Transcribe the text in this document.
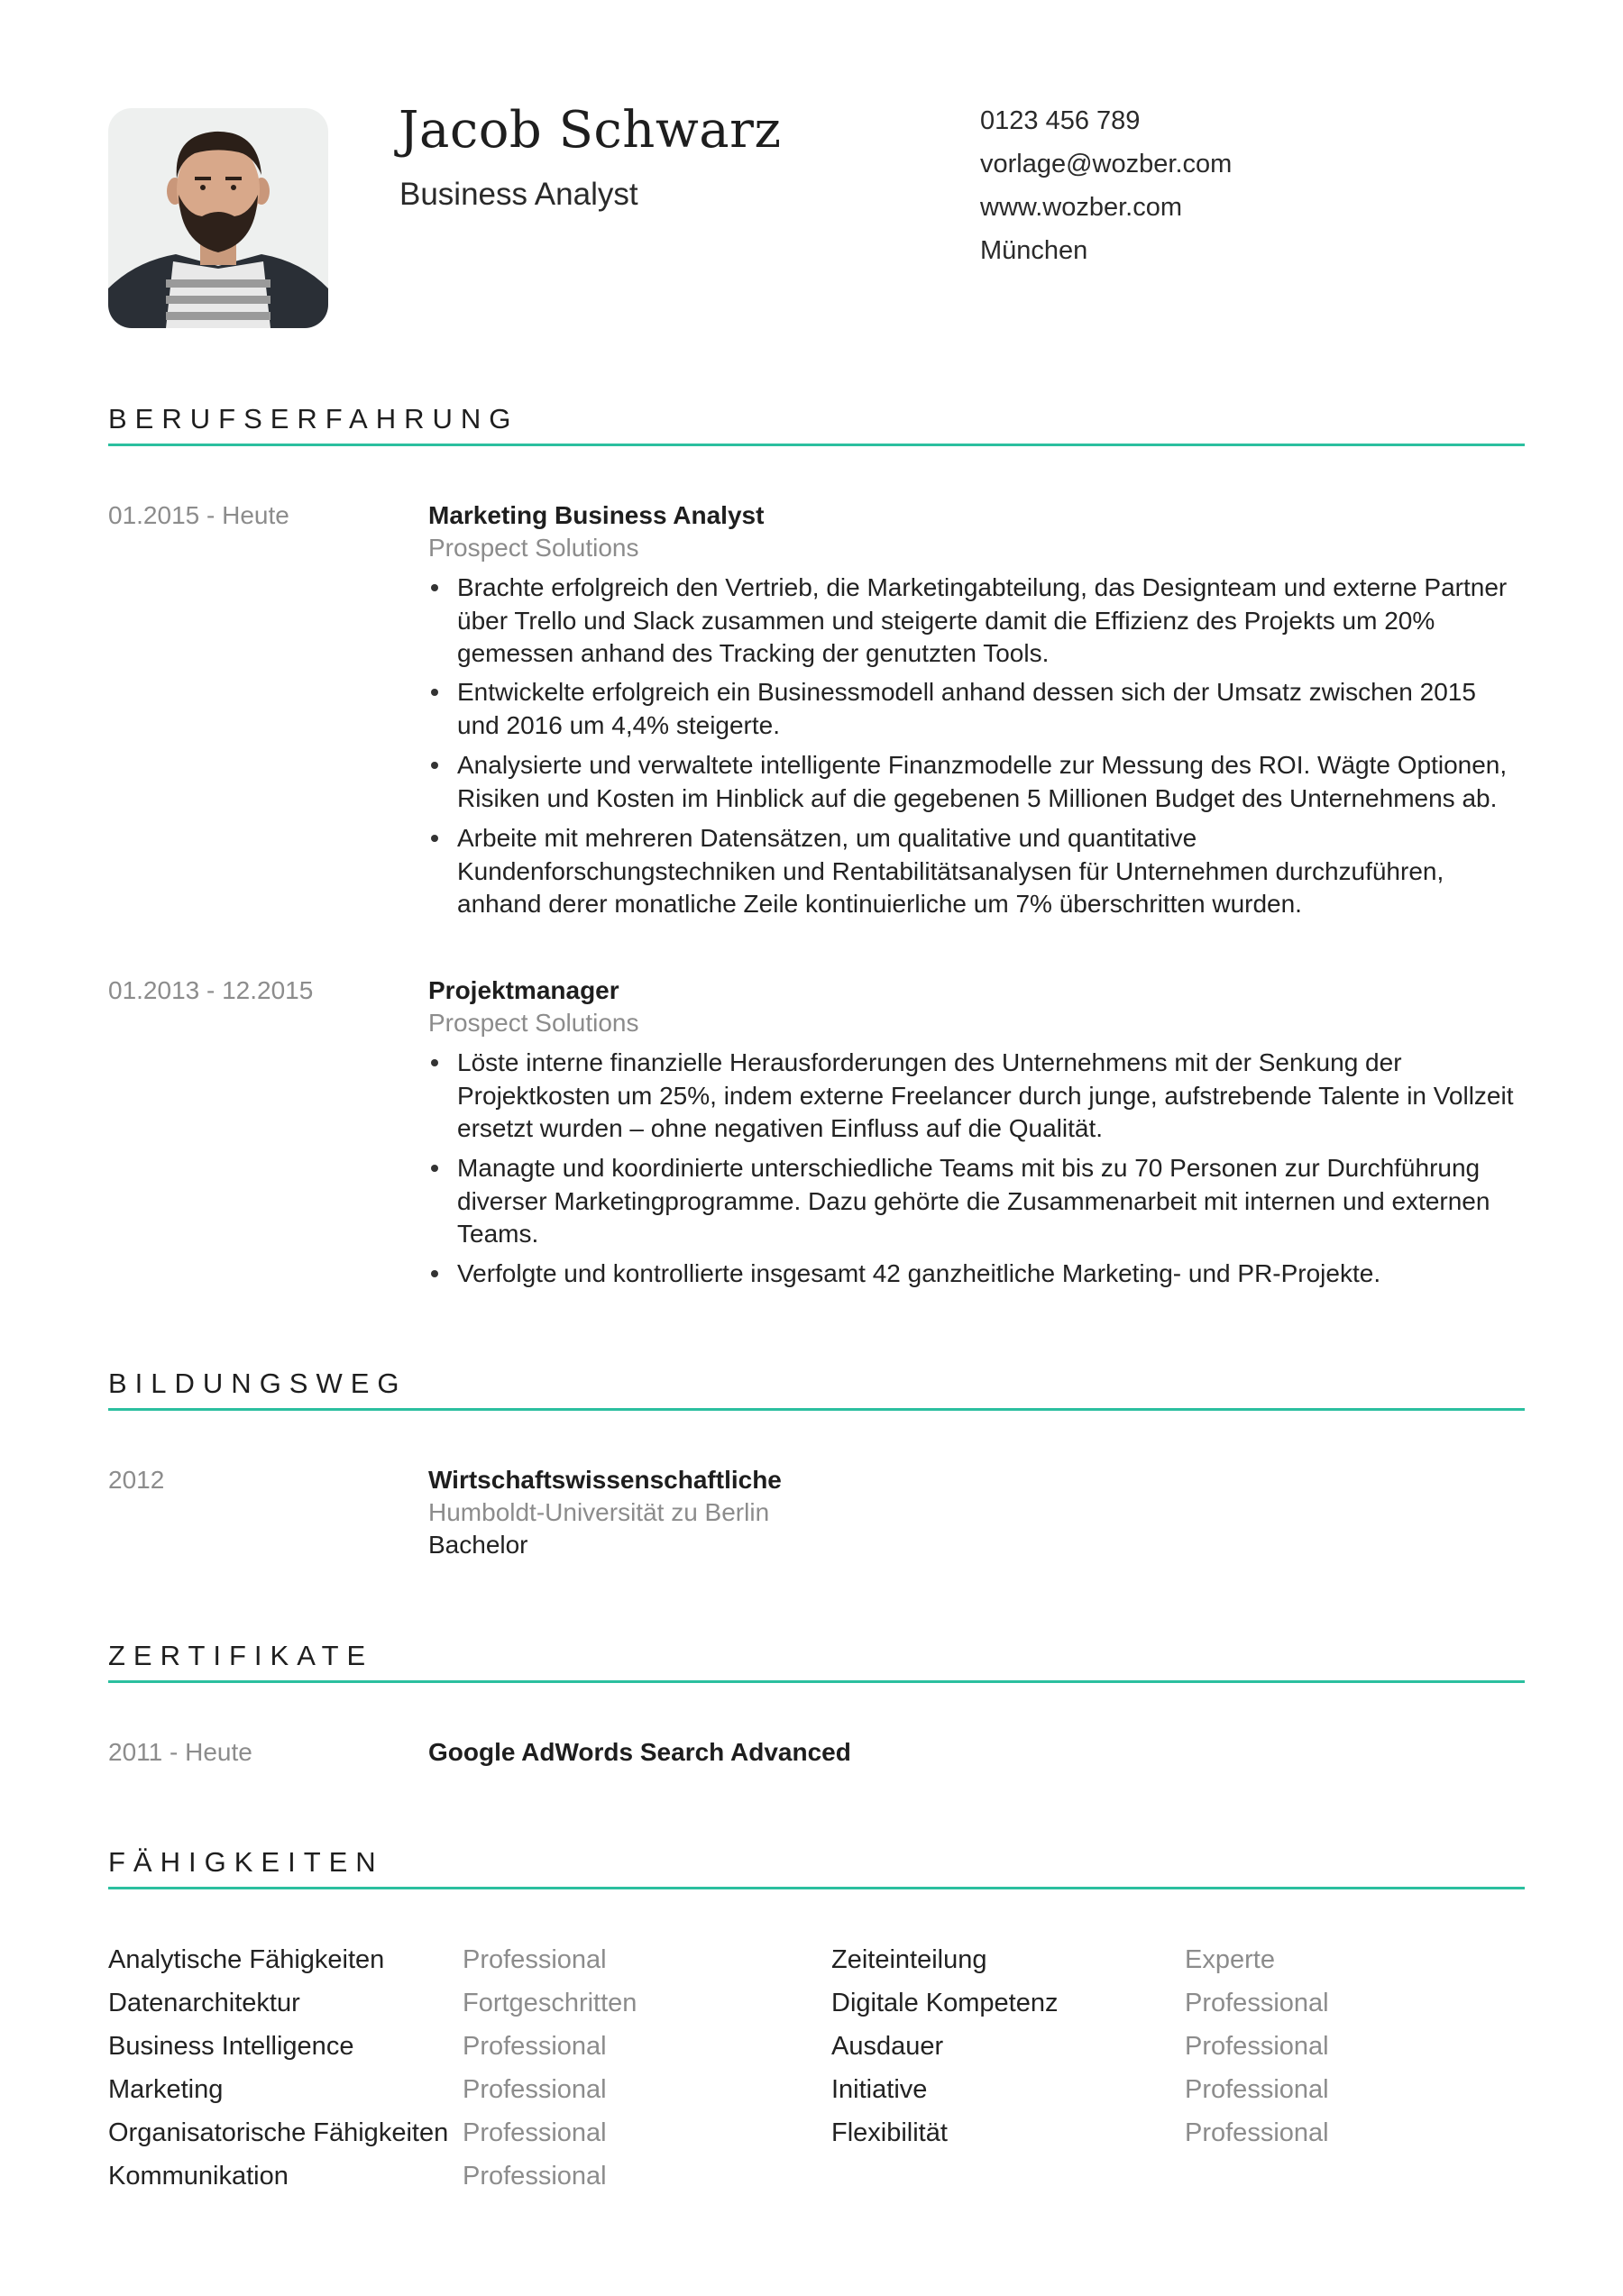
Jacob Schwarz
Business Analyst
0123 456 789
vorlage@wozber.com
www.wozber.com
München
BERUFSERFAHRUNG
01.2015 - Heute	Marketing Business Analyst
Prospect Solutions
Brachte erfolgreich den Vertrieb, die Marketingabteilung, das Designteam und externe Partner
über Trello und Slack zusammen und steigerte damit die Effizienz des Projekts um 20%
gemessen anhand des Tracking der genutzten Tools.
Entwickelte erfolgreich ein Businessmodell anhand dessen sich der Umsatz zwischen 2015
und 2016 um 4,4% steigerte.
Analysierte und verwaltete intelligente Finanzmodelle zur Messung des ROI. Wägte Optionen,
Risiken und Kosten im Hinblick auf die gegebenen 5 Millionen Budget des Unternehmens ab.
Arbeite mit mehreren Datensätzen, um qualitative und quantitative
Kundenforschungstechniken und Rentabilitätsanalysen für Unternehmen durchzuführen,
anhand derer monatliche Zeile kontinuierliche um 7% überschritten wurden.
01.2013 - 12.2015	Projektmanager
Prospect Solutions
Löste interne finanzielle Herausforderungen des Unternehmens mit der Senkung der
Projektkosten um 25%, indem externe Freelancer durch junge, aufstrebende Talente in Vollzeit
ersetzt wurden – ohne negativen Einfluss auf die Qualität.
Managte und koordinierte unterschiedliche Teams mit bis zu 70 Personen zur Durchführung
diverser Marketingprogramme. Dazu gehörte die Zusammenarbeit mit internen und externen
Teams.
Verfolgte und kontrollierte insgesamt 42 ganzheitliche Marketing- und PR-Projekte.
BILDUNGSWEG
2012	Wirtschaftswissenschaftliche
Humboldt-Universität zu Berlin
Bachelor
ZERTIFIKATE
2011 - Heute	Google AdWords Search Advanced
FÄHIGKEITEN
Analytische Fähigkeiten	Professional
Datenarchitektur	Fortgeschritten
Business Intelligence	Professional
Marketing	Professional
Organisatorische Fähigkeiten Professional
Kommunikation	Professional
Zeiteinteilung	Experte
Digitale Kompetenz	Professional
Ausdauer	Professional
Initiative	Professional
Flexibilität	Professional
